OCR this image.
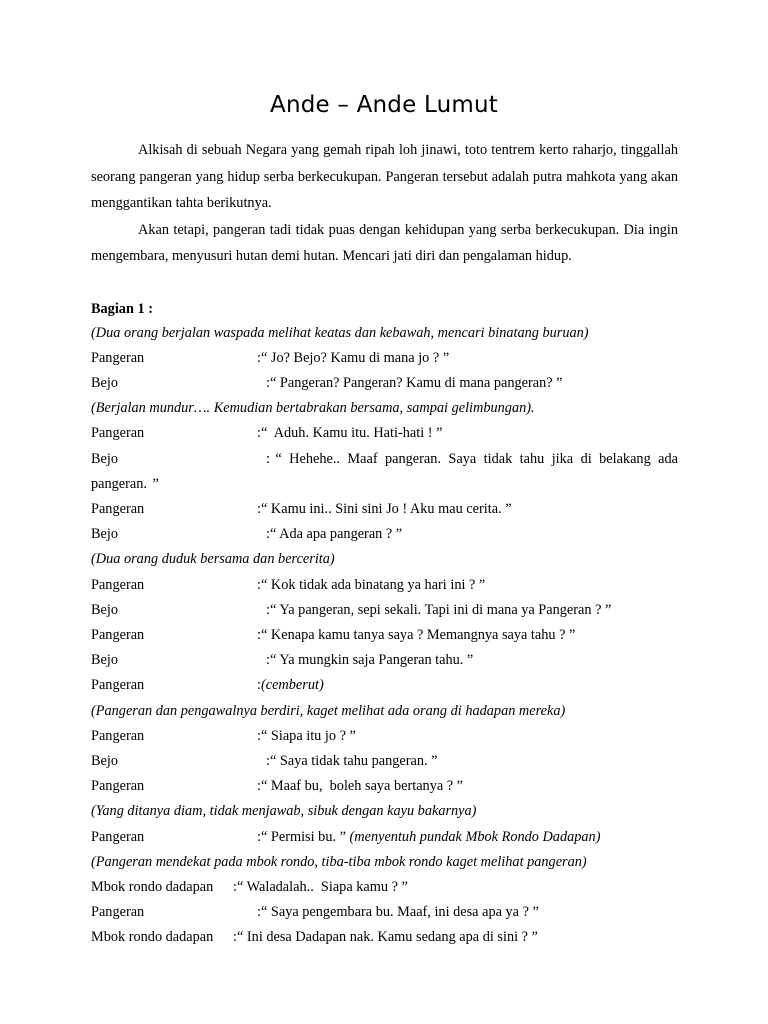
Ande – Ande Lumut

Alkisah di sebuah Negara yang gemah ripah loh jinawi, toto tentrem kerto raharjo, tinggallah seorang pangeran yang hidup serba berkecukupan. Pangeran tersebut adalah putra mahkota yang akan menggantikan tahta berikutnya.

Akan tetapi, pangeran tadi tidak puas dengan kehidupan yang serba berkecukupan. Dia ingin mengembara, menyusuri hutan demi hutan. Mencari jati diri dan pengalaman hidup.

Bagian 1 :
(Dua orang berjalan waspada melihat keatas dan kebawah, mencari binatang buruan)
Pangeran	: “ Jo? Bejo? Kamu di mana jo ? ”
Bejo	: “ Pangeran? Pangeran? Kamu di mana pangeran? ”
(Berjalan mundur…. Kemudian bertabrakan bersama, sampai gelimbungan).
Pangeran	: “  Aduh. Kamu itu. Hati-hati ! ”
Bejo	: “ Hehehe.. Maaf pangeran. Saya tidak tahu jika di belakang ada pangeran. ”
Pangeran	: “ Kamu ini.. Sini sini Jo ! Aku mau cerita. ”
Bejo	: “ Ada apa pangeran ? ”
(Dua orang duduk bersama dan bercerita)
Pangeran	: “ Kok tidak ada binatang ya hari ini ? ”
Bejo	: “ Ya pangeran, sepi sekali. Tapi ini di mana ya Pangeran ? ”
Pangeran	: “ Kenapa kamu tanya saya ? Memangnya saya tahu ? ”
Bejo	: “ Ya mungkin saja Pangeran tahu. ”
Pangeran	: (cemberut)
(Pangeran dan pengawalnya berdiri, kaget melihat ada orang di hadapan mereka)
Pangeran	: “ Siapa itu jo ? ”
Bejo	: “ Saya tidak tahu pangeran. ”
Pangeran	: “ Maaf bu,  boleh saya bertanya ? ”
(Yang ditanya diam, tidak menjawab, sibuk dengan kayu bakarnya)
Pangeran	: “ Permisi bu. ” (menyentuh pundak Mbok Rondo Dadapan)
(Pangeran mendekat pada mbok rondo, tiba-tiba mbok rondo kaget melihat pangeran)
Mbok rondo dadapan	: “ Waladalah..  Siapa kamu ? ”
Pangeran	: “ Saya pengembara bu. Maaf, ini desa apa ya ? ”
Mbok rondo dadapan	: “ Ini desa Dadapan nak. Kamu sedang apa di sini ? ”
